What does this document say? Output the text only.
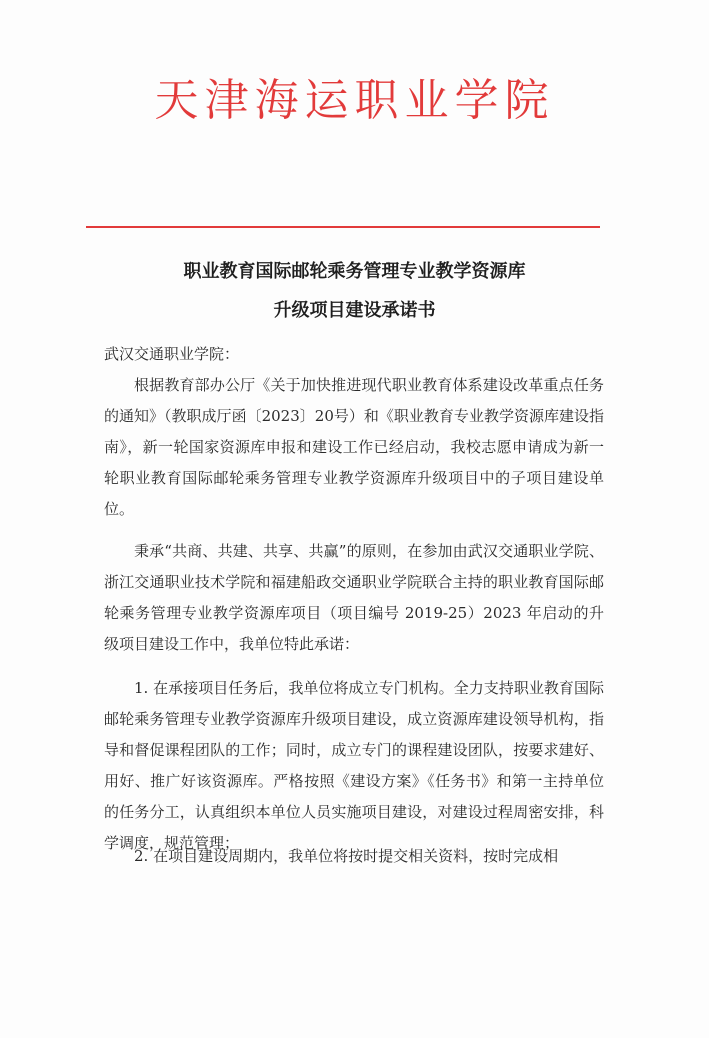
天津海运职业学院
职业教育国际邮轮乘务管理专业教学资源库
升级项目建设承诺书
武汉交通职业学院：

根据教育部办公厅《关于加快推进现代职业教育体系建设改革重点任务的通知》（教职成厅函〔2023〕20号）和《职业教育专业教学资源库建设指南》，新一轮国家资源库申报和建设工作已经启动，我校志愿申请成为新一轮职业教育国际邮轮乘务管理专业教学资源库升级项目中的子项目建设单位。

秉承“共商、共建、共享、共赢”的原则，在参加由武汉交通职业学院、浙江交通职业技术学院和福建船政交通职业学院联合主持的职业教育国际邮轮乘务管理专业教学资源库项目（项目编号 2019-25）2023 年启动的升级项目建设工作中，我单位特此承诺：

1. 在承接项目任务后，我单位将成立专门机构。全力支持职业教育国际邮轮乘务管理专业教学资源库升级项目建设，成立资源库建设领导机构，指导和督促课程团队的工作；同时，成立专门的课程建设团队，按要求建好、用好、推广好该资源库。严格按照《建设方案》《任务书》和第一主持单位的任务分工，认真组织本单位人员实施项目建设，对建设过程周密安排，科学调度，规范管理；

2. 在项目建设周期内，我单位将按时提交相关资料，按时完成相
